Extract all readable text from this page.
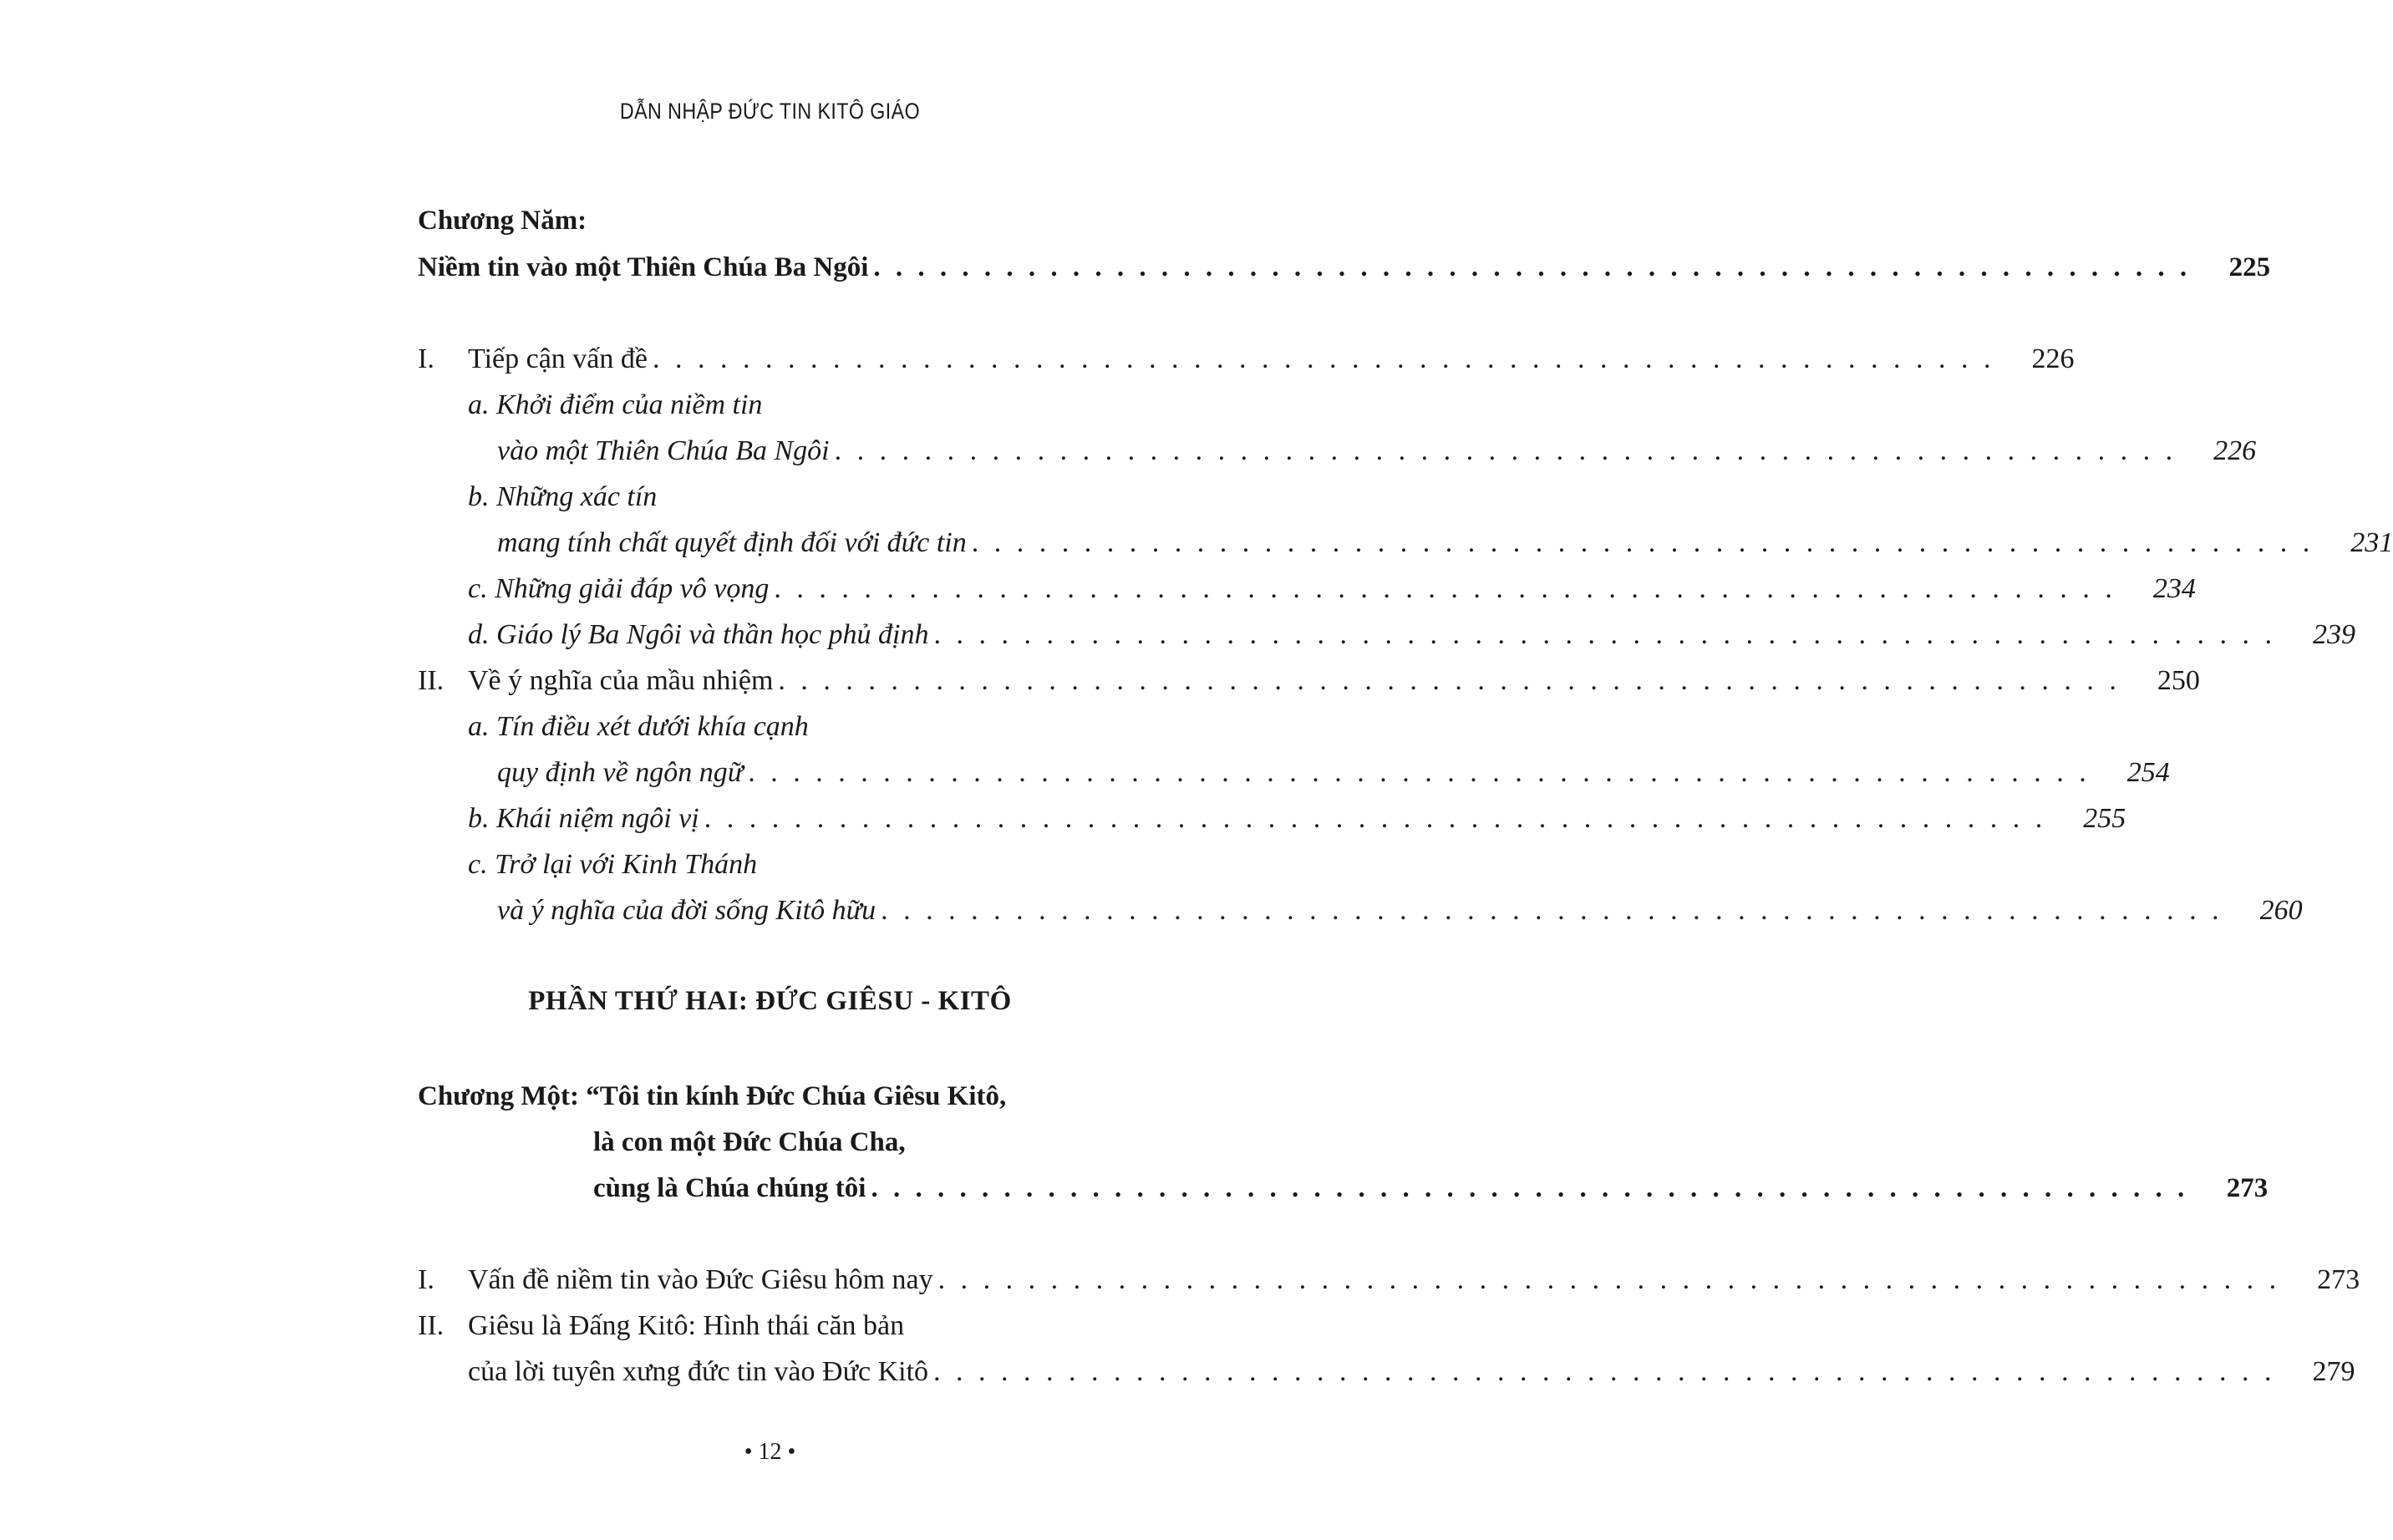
DẪN NHẬP ĐỨC TIN KITÔ GIÁO
Chương Năm:
Niềm tin vào một Thiên Chúa Ba Ngôi . . . . . . . . . . . . . . . . . . . . . . . . . . . . . . . . . . . . . . . . . . . . . . . . . . . . . . . . . . . .	225
I.	Tiếp cận vấn đề . . . . . . . . . . . . . . . . . . . . . . . . . . . . . . . . . . . . . . . . . . . . . . . . . . . . . . . . . . . .	226
a. Khởi điểm của niềm tin
vào một Thiên Chúa Ba Ngôi . . . . . . . . . . . . . . . . . . . . . . . . . . . . . . . . . . . . . . . . . . . . . . . . . . . . . . . . . . . .	226
b. Những xác tín
mang tính chất quyết định đối với đức tin . . . . . . . . . . . . . . . . . . . . . . . . . . . . . . . . . . . . . . . . . . . . . . . . . . . . . . . . . . . .	231
c. Những giải đáp vô vọng . . . . . . . . . . . . . . . . . . . . . . . . . . . . . . . . . . . . . . . . . . . . . . . . . . . . . . . . . . . .	234
d. Giáo lý Ba Ngôi và thần học phủ định . . . . . . . . . . . . . . . . . . . . . . . . . . . . . . . . . . . . . . . . . . . . . . . . . . . . . . . . . . . .	239
II. Về ý nghĩa của mầu nhiệm . . . . . . . . . . . . . . . . . . . . . . . . . . . . . . . . . . . . . . . . . . . . . . . . . . . . . . . . . . . .	250
a. Tín điều xét dưới khía cạnh
quy định về ngôn ngữ . . . . . . . . . . . . . . . . . . . . . . . . . . . . . . . . . . . . . . . . . . . . . . . . . . . . . . . . . . . .	254
b. Khái niệm ngôi vị . . . . . . . . . . . . . . . . . . . . . . . . . . . . . . . . . . . . . . . . . . . . . . . . . . . . . . . . . . . .	255
c. Trở lại với Kinh Thánh
và ý nghĩa của đời sống Kitô hữu . . . . . . . . . . . . . . . . . . . . . . . . . . . . . . . . . . . . . . . . . . . . . . . . . . . . . . . . . . . .	260
PHẦN THỨ HAI: ĐỨC GIÊSU - KITÔ
Chương Một: “Tôi tin kính Đức Chúa Giêsu Kitô,
là con một Đức Chúa Cha,
cùng là Chúa chúng tôi . . . . . . . . . . . . . . . . . . . . . . . . . . . . . . . . . . . . . . . . . . . . . . . . . . . . . . . . . . . .	273
I.	Vấn đề niềm tin vào Đức Giêsu hôm nay . . . . . . . . . . . . . . . . . . . . . . . . . . . . . . . . . . . . . . . . . . . . . . . . . . . . . . . . . . . .	273
II. Giêsu là Đấng Kitô: Hình thái căn bản
của lời tuyên xưng đức tin vào Đức Kitô . . . . . . . . . . . . . . . . . . . . . . . . . . . . . . . . . . . . . . . . . . . . . . . . . . . . . . . . . . . .	279
• 12 •
